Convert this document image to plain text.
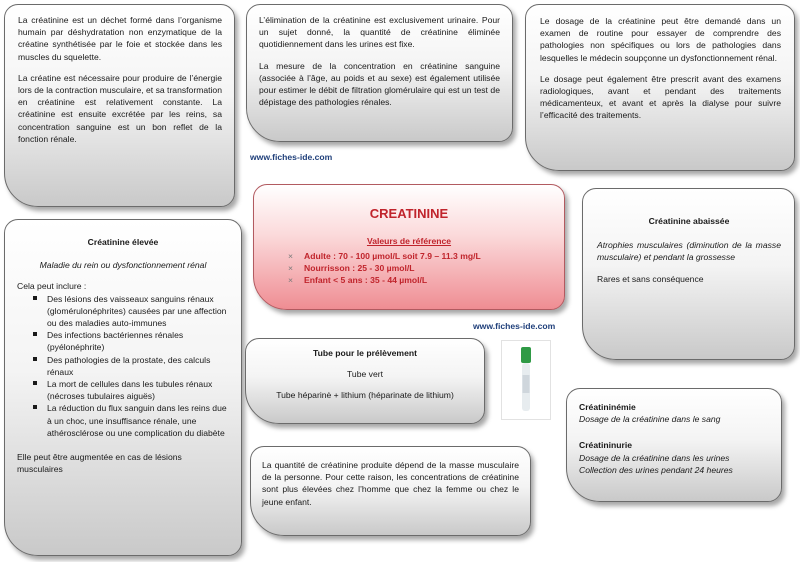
La créatinine est un déchet formé dans l’organisme humain par déshydratation non enzymatique de la créatine synthétisée par le foie et stockée dans les muscles du squelette.

La créatine est nécessaire pour produire de l’énergie lors de la contraction musculaire, et sa transformation en créatinine est relativement constante. La créatinine est ensuite excrétée par les reins, sa concentration sanguine est un bon reflet de la fonction rénale.

L’élimination de la créatinine est exclusivement urinaire. Pour un sujet donné, la quantité de créatinine éliminée quotidiennement dans les urines est fixe.

La mesure de la concentration en créatinine sanguine (associée à l’âge, au poids et au sexe) est également utilisée pour estimer le débit de filtration glomérulaire qui est un test de dépistage des pathologies rénales.

www.fiches-ide.com

Le dosage de la créatinine peut être demandé dans un examen de routine pour essayer de comprendre des pathologies non spécifiques ou lors de pathologies dans lesquelles le médecin soupçonne un dysfonctionnement rénal.

Le dosage peut également être prescrit avant des examens radiologiques, avant et pendant des traitements médicamenteux, et avant et après la dialyse pour suivre l’efficacité des traitements.

CREATININE
Valeurs de référence
× Adulte : 70 - 100 µmol/L soit 7.9 – 11.3 mg/L
× Nourrisson : 25 - 30 µmol/L
× Enfant < 5 ans : 35 - 44 µmol/L
Créatinine abaissée

Atrophies musculaires (diminution de la masse musculaire) et pendant la grossesse

Rares et sans conséquence

Créatinine élevée

Maladie du rein ou dysfonctionnement rénal

Cela peut inclure :
Des lésions des vaisseaux sanguins rénaux (glomérulonéphrites) causées par une affection ou des maladies auto-immunes
Des infections bactériennes rénales (pyélonéphrite)
Des pathologies de la prostate, des calculs rénaux
La mort de cellules dans les tubules rénaux (nécroses tubulaires aiguës)
La réduction du flux sanguin dans les reins due à un choc, une insuffisance rénale, une athérosclérose ou une complication du diabète

Elle peut être augmentée en cas de lésions musculaires

www.fiches-ide.com
Tube pour le prélèvement

Tube vert

Tube héparinė + lithium (héparinate de lithium)

La quantité de créatinine produite dépend de la masse musculaire de la personne. Pour cette raison, les concentrations de créatinine sont plus élevées chez l’homme que chez la femme ou chez le jeune enfant.

Créatininémie
Dosage de la créatinine dans le sang
Créatininurie
Dosage de la créatinine dans les urines
Collection des urines pendant 24 heures
